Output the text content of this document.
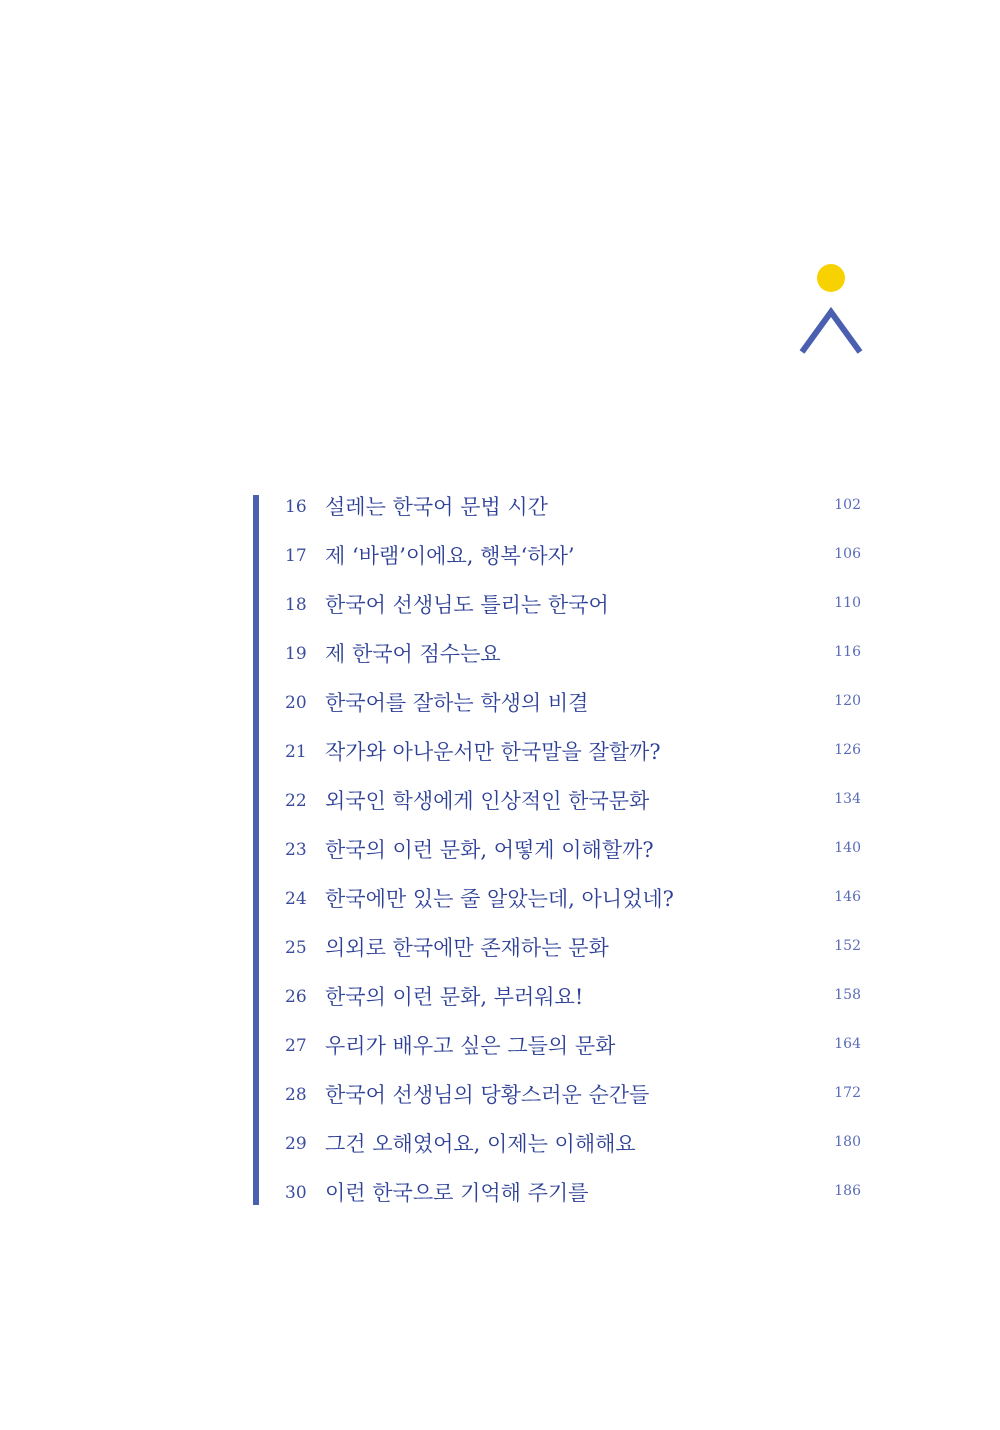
16 설레는 한국어 문법 시간	102
17 제 ‘바램’이에요, 행복‘하자’	106
18 한국어 선생님도 틀리는 한국어	110
19 제 한국어 점수는요	116
20 한국어를 잘하는 학생의 비결	120
21 작가와 아나운서만 한국말을 잘할까?	126
22 외국인 학생에게 인상적인 한국문화	134
23 한국의 이런 문화, 어떻게 이해할까?	140
24 한국에만 있는 줄 알았는데, 아니었네?	146
25 의외로 한국에만 존재하는 문화	152
26 한국의 이런 문화, 부러워요!	158
27 우리가 배우고 싶은 그들의 문화	164
28 한국어 선생님의 당황스러운 순간들	172
29 그건 오해였어요, 이제는 이해해요	180
30 이런 한국으로 기억해 주기를	186
